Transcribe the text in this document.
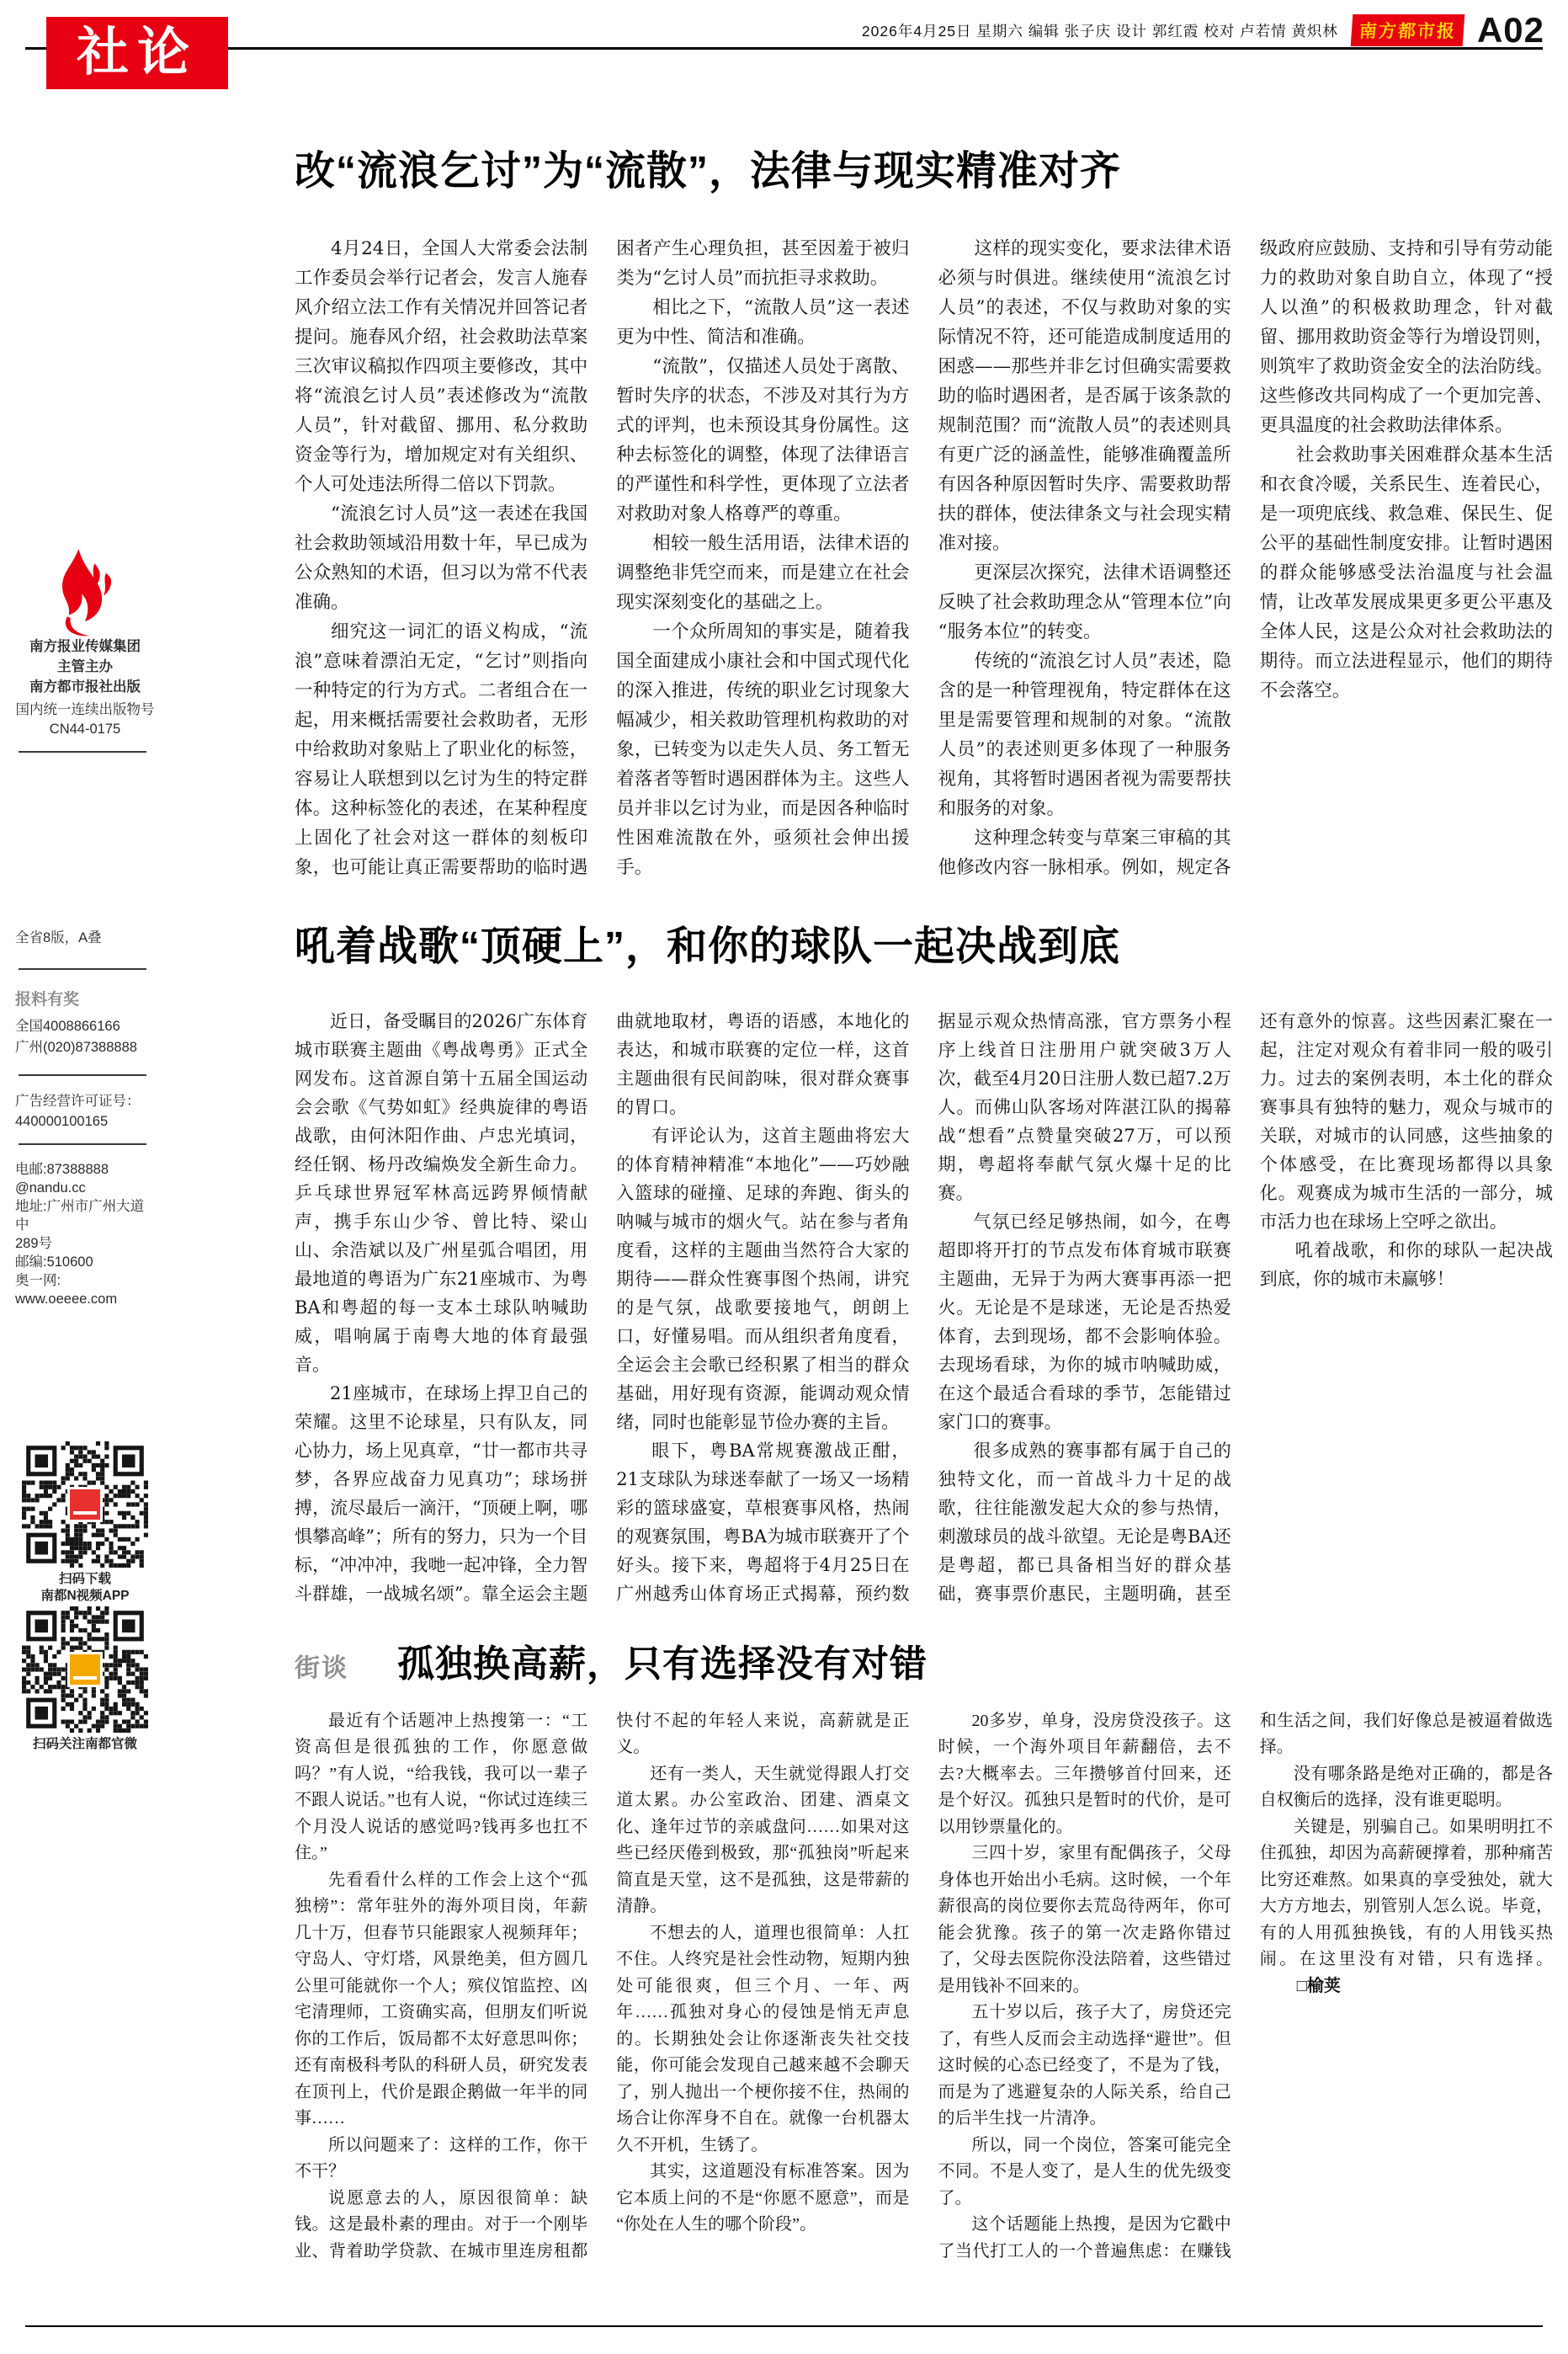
社论	2026年4月25日 星期六 编辑 张子庆 设计 郭红霞 校对 卢若情 黄炽林	南方都市报 A02
南方报业传媒集团
主管主办
南方都市报社出版
国内统一连续出版物号
CN44-0175
全省8版，A叠
报料有奖
全国4008866166
广州(020)87388888
广告经营许可证号：
440000100165
电邮:87388888
@nandu.cc
地址:广州市广州大道中
289号
邮编:510600
奥一网:
www.oeeee.com
扫码下载
南都N视频APP
扫码关注南都官微
改“流浪乞讨”为“流散”，法律与现实精准对齐

4月24日，全国人大常委会法制工作委员会举行记者会，发言人施春风介绍立法工作有关情况并回答记者提问。施春风介绍，社会救助法草案三次审议稿拟作四项主要修改，其中将“流浪乞讨人员”表述修改为“流散人员”，针对截留、挪用、私分救助资金等行为，增加规定对有关组织、个人可处违法所得二倍以下罚款。

“流浪乞讨人员”这一表述在我国社会救助领域沿用数十年，早已成为公众熟知的术语，但习以为常不代表准确。

细究这一词汇的语义构成，“流浪”意味着漂泊无定，“乞讨”则指向一种特定的行为方式。二者组合在一起，用来概括需要社会救助者，无形中给救助对象贴上了职业化的标签，容易让人联想到以乞讨为生的特定群体。这种标签化的表述，在某种程度上固化了社会对这一群体的刻板印象，也可能让真正需要帮助的临时遇困者产生心理负担，甚至因羞于被归类为“乞讨人员”而抗拒寻求救助。

相比之下，“流散人员”这一表述更为中性、简洁和准确。

“流散”，仅描述人员处于离散、暂时失序的状态，不涉及对其行为方式的评判，也未预设其身份属性。这种去标签化的调整，体现了法律语言的严谨性和科学性，更体现了立法者对救助对象人格尊严的尊重。

相较一般生活用语，法律术语的调整绝非凭空而来，而是建立在社会现实深刻变化的基础之上。

一个众所周知的事实是，随着我国全面建成小康社会和中国式现代化的深入推进，传统的职业乞讨现象大幅减少，相关救助管理机构救助的对象，已转变为以走失人员、务工暂无着落者等暂时遇困群体为主。这些人员并非以乞讨为业，而是因各种临时性困难流散在外，亟须社会伸出援手。

这样的现实变化，要求法律术语必须与时俱进。继续使用“流浪乞讨人员”的表述，不仅与救助对象的实际情况不符，还可能造成制度适用的困惑——那些并非乞讨但确实需要救助的临时遇困者，是否属于该条款的规制范围？而“流散人员”的表述则具有更广泛的涵盖性，能够准确覆盖所有因各种原因暂时失序、需要救助帮扶的群体，使法律条文与社会现实精准对接。

更深层次探究，法律术语调整还反映了社会救助理念从“管理本位”向“服务本位”的转变。

传统的“流浪乞讨人员”表述，隐含的是一种管理视角，特定群体在这里是需要管理和规制的对象。“流散人员”的表述则更多体现了一种服务视角，其将暂时遇困者视为需要帮扶和服务的对象。

这种理念转变与草案三审稿的其他修改内容一脉相承。例如，规定各级政府应鼓励、支持和引导有劳动能力的救助对象自助自立，体现了“授人以渔”的积极救助理念，针对截留、挪用救助资金等行为增设罚则，则筑牢了救助资金安全的法治防线。这些修改共同构成了一个更加完善、更具温度的社会救助法律体系。

社会救助事关困难群众基本生活和衣食冷暖，关系民生、连着民心，是一项兜底线、救急难、保民生、促公平的基础性制度安排。让暂时遇困的群众能够感受法治温度与社会温情，让改革发展成果更多更公平惠及全体人民，这是公众对社会救助法的期待。而立法进程显示，他们的期待不会落空。

吼着战歌“顶硬上”，和你的球队一起决战到底

近日，备受瞩目的2026广东体育城市联赛主题曲《粤战粤勇》正式全网发布。这首源自第十五届全国运动会会歌《气势如虹》经典旋律的粤语战歌，由何沐阳作曲、卢忠光填词，经任钢、杨丹改编焕发全新生命力。乒乓球世界冠军林高远跨界倾情献声，携手东山少爷、曾比特、梁山山、余浩斌以及广州星弧合唱团，用最地道的粤语为广东21座城市、为粤BA和粤超的每一支本土球队呐喊助威，唱响属于南粤大地的体育最强音。

21座城市，在球场上捍卫自己的荣耀。这里不论球星，只有队友，同心协力，场上见真章，“廿一都市共寻梦，各界应战奋力见真功”；球场拼搏，流尽最后一滴汗，“顶硬上啊，哪惧攀高峰”；所有的努力，只为一个目标，“冲冲冲，我哋一起冲锋，全力智斗群雄，一战城名颂”。靠全运会主题曲就地取材，粤语的语感，本地化的表达，和城市联赛的定位一样，这首主题曲很有民间韵味，很对群众赛事的胃口。

有评论认为，这首主题曲将宏大的体育精神精准“本地化”——巧妙融入篮球的碰撞、足球的奔跑、街头的呐喊与城市的烟火气。站在参与者角度看，这样的主题曲当然符合大家的期待——群众性赛事图个热闹，讲究的是气氛，战歌要接地气，朗朗上口，好懂易唱。而从组织者角度看，全运会主会歌已经积累了相当的群众基础，用好现有资源，能调动观众情绪，同时也能彰显节俭办赛的主旨。

眼下，粤BA常规赛激战正酣，21支球队为球迷奉献了一场又一场精彩的篮球盛宴，草根赛事风格，热闹的观赛氛围，粤BA为城市联赛开了个好头。接下来，粤超将于4月25日在广州越秀山体育场正式揭幕，预约数据显示观众热情高涨，官方票务小程序上线首日注册用户就突破3万人次，截至4月20日注册人数已超7.2万人。而佛山队客场对阵湛江队的揭幕战“想看”点赞量突破27万，可以预期，粤超将奉献气氛火爆十足的比赛。

气氛已经足够热闹，如今，在粤超即将开打的节点发布体育城市联赛主题曲，无异于为两大赛事再添一把火。无论是不是球迷，无论是否热爱体育，去到现场，都不会影响体验。去现场看球，为你的城市呐喊助威，在这个最适合看球的季节，怎能错过家门口的赛事。

很多成熟的赛事都有属于自己的独特文化，而一首战斗力十足的战歌，往往能激发起大众的参与热情，刺激球员的战斗欲望。无论是粤BA还是粤超，都已具备相当好的群众基础，赛事票价惠民，主题明确，甚至还有意外的惊喜。这些因素汇聚在一起，注定对观众有着非同一般的吸引力。过去的案例表明，本土化的群众赛事具有独特的魅力，观众与城市的关联，对城市的认同感，这些抽象的个体感受，在比赛现场都得以具象化。观赛成为城市生活的一部分，城市活力也在球场上空呼之欲出。

吼着战歌，和你的球队一起决战到底，你的城市未赢够！

街谈 孤独换高薪，只有选择没有对错

最近有个话题冲上热搜第一：“工资高但是很孤独的工作，你愿意做吗？”有人说，“给我钱，我可以一辈子不跟人说话。”也有人说，“你试过连续三个月没人说话的感觉吗?钱再多也扛不住。”

先看看什么样的工作会上这个“孤独榜”：常年驻外的海外项目岗，年薪几十万，但春节只能跟家人视频拜年；守岛人、守灯塔，风景绝美，但方圆几公里可能就你一个人；殡仪馆监控、凶宅清理师，工资确实高，但朋友们听说你的工作后，饭局都不太好意思叫你；还有南极科考队的科研人员，研究发表在顶刊上，代价是跟企鹅做一年半的同事……

所以问题来了：这样的工作，你干不干？

说愿意去的人，原因很简单：缺钱。这是最朴素的理由。对于一个刚毕业、背着助学贷款、在城市里连房租都快付不起的年轻人来说，高薪就是正义。

还有一类人，天生就觉得跟人打交道太累。办公室政治、团建、酒桌文化、逢年过节的亲戚盘问……如果对这些已经厌倦到极致，那“孤独岗”听起来简直是天堂，这不是孤独，这是带薪的清静。

不想去的人，道理也很简单：人扛不住。人终究是社会性动物，短期内独处可能很爽，但三个月、一年、两年……孤独对身心的侵蚀是悄无声息的。长期独处会让你逐渐丧失社交技能，你可能会发现自己越来越不会聊天了，别人抛出一个梗你接不住，热闹的场合让你浑身不自在。就像一台机器太久不开机，生锈了。

其实，这道题没有标准答案。因为它本质上问的不是“你愿不愿意”，而是“你处在人生的哪个阶段”。

20多岁，单身，没房贷没孩子。这时候，一个海外项目年薪翻倍，去不去?大概率去。三年攒够首付回来，还是个好汉。孤独只是暂时的代价，是可以用钞票量化的。

三四十岁，家里有配偶孩子，父母身体也开始出小毛病。这时候，一个年薪很高的岗位要你去荒岛待两年，你可能会犹豫。孩子的第一次走路你错过了，父母去医院你没法陪着，这些错过是用钱补不回来的。

五十岁以后，孩子大了，房贷还完了，有些人反而会主动选择“避世”。但这时候的心态已经变了，不是为了钱，而是为了逃避复杂的人际关系，给自己的后半生找一片清净。

所以，同一个岗位，答案可能完全不同。不是人变了，是人生的优先级变了。

这个话题能上热搜，是因为它戳中了当代打工人的一个普遍焦虑：在赚钱和生活之间，我们好像总是被逼着做选择。

没有哪条路是绝对正确的，都是各自权衡后的选择，没有谁更聪明。

关键是，别骗自己。如果明明扛不住孤独，却因为高薪硬撑着，那种痛苦比穷还难熬。如果真的享受独处，就大大方方地去，别管别人怎么说。毕竟，有的人用孤独换钱，有的人用钱买热闹。在这里没有对错，只有选择。□榆荚
